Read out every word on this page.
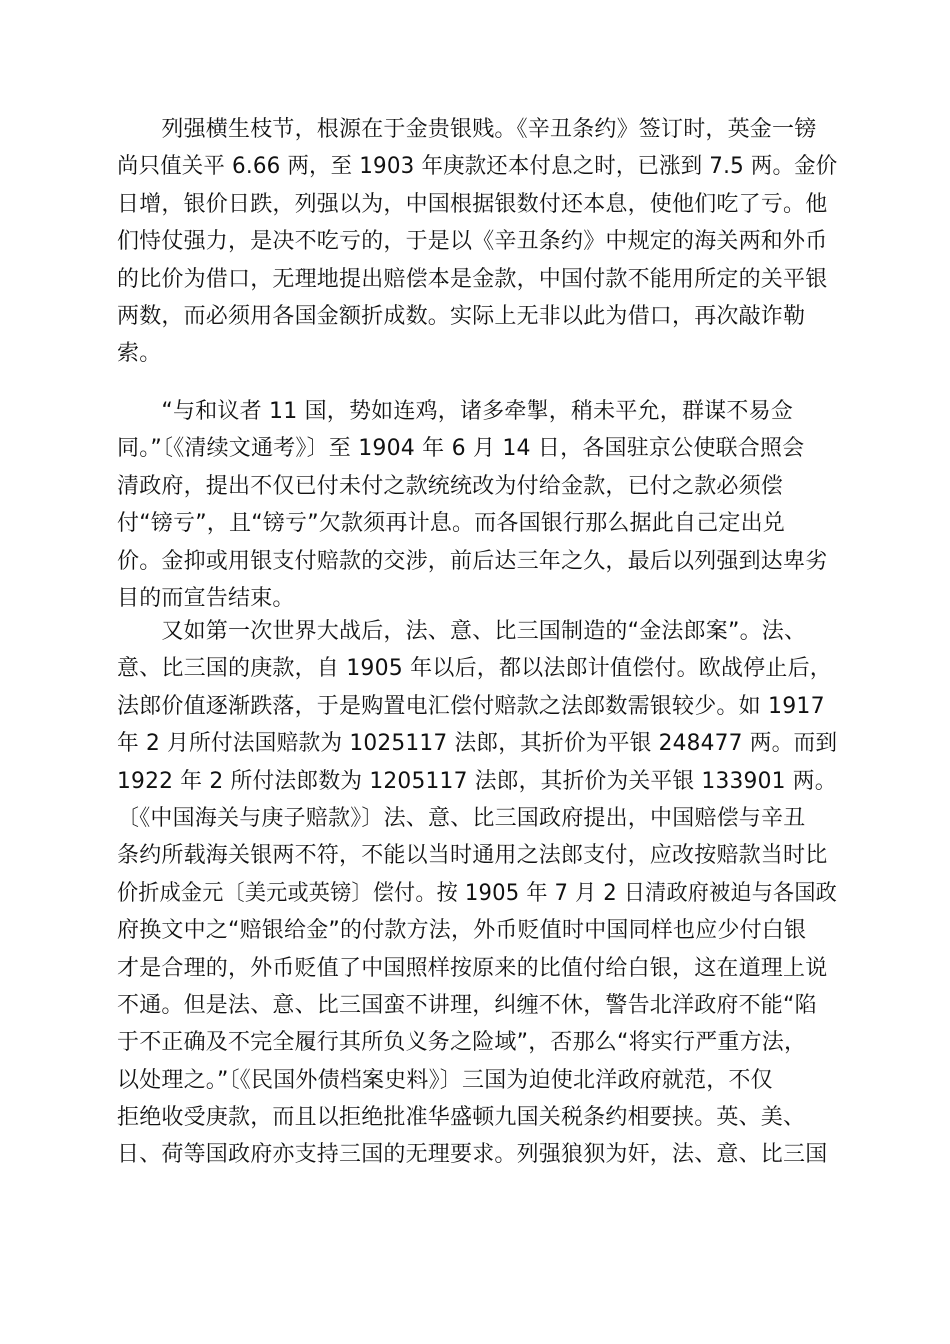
　　列强横生枝节，根源在于金贵银贱。《辛丑条约》签订时，英金一镑
尚只值关平 6.66 两，至 1903 年庚款还本付息之时，已涨到 7.5 两。金价
日增，银价日跌，列强以为，中国根据银数付还本息，使他们吃了亏。他
们恃仗强力，是决不吃亏的，于是以《辛丑条约》中规定的海关两和外币
的比价为借口，无理地提出赔偿本是金款，中国付款不能用所定的关平银
两数，而必须用各国金额折成数。实际上无非以此为借口，再次敲诈勒
索。
　　“与和议者 11 国，势如连鸡，诸多牵掣，稍未平允，群谋不易佥
同。”〔《清续文通考》〕至 1904 年 6 月 14 日，各国驻京公使联合照会
清政府，提出不仅已付未付之款统统改为付给金款，已付之款必须偿
付“镑亏”，且“镑亏”欠款须再计息。而各国银行那么据此自己定出兑
价。金抑或用银支付赔款的交涉，前后达三年之久，最后以列强到达卑劣
目的而宣告结束。
　　又如第一次世界大战后，法、意、比三国制造的“金法郎案”。法、
意、比三国的庚款，自 1905 年以后，都以法郎计值偿付。欧战停止后，
法郎价值逐渐跌落，于是购置电汇偿付赔款之法郎数需银较少。如 1917
年 2 月所付法国赔款为 1025117 法郎，其折价为平银 248477 两。而到
1922 年 2 所付法郎数为 1205117 法郎，其折价为关平银 133901 两。
〔《中国海关与庚子赔款》〕法、意、比三国政府提出，中国赔偿与辛丑
条约所载海关银两不符，不能以当时通用之法郎支付，应改按赔款当时比
价折成金元〔美元或英镑〕偿付。按 1905 年 7 月 2 日清政府被迫与各国政
府换文中之“赔银给金”的付款方法，外币贬值时中国同样也应少付白银
才是合理的，外币贬值了中国照样按原来的比值付给白银，这在道理上说
不通。但是法、意、比三国蛮不讲理，纠缠不休，警告北洋政府不能“陷
于不正确及不完全履行其所负义务之险域”，否那么“将实行严重方法，
以处理之。”〔《民国外债档案史料》〕三国为迫使北洋政府就范，不仅
拒绝收受庚款，而且以拒绝批准华盛顿九国关税条约相要挟。英、美、
日、荷等国政府亦支持三国的无理要求。列强狼狈为奸，法、意、比三国
